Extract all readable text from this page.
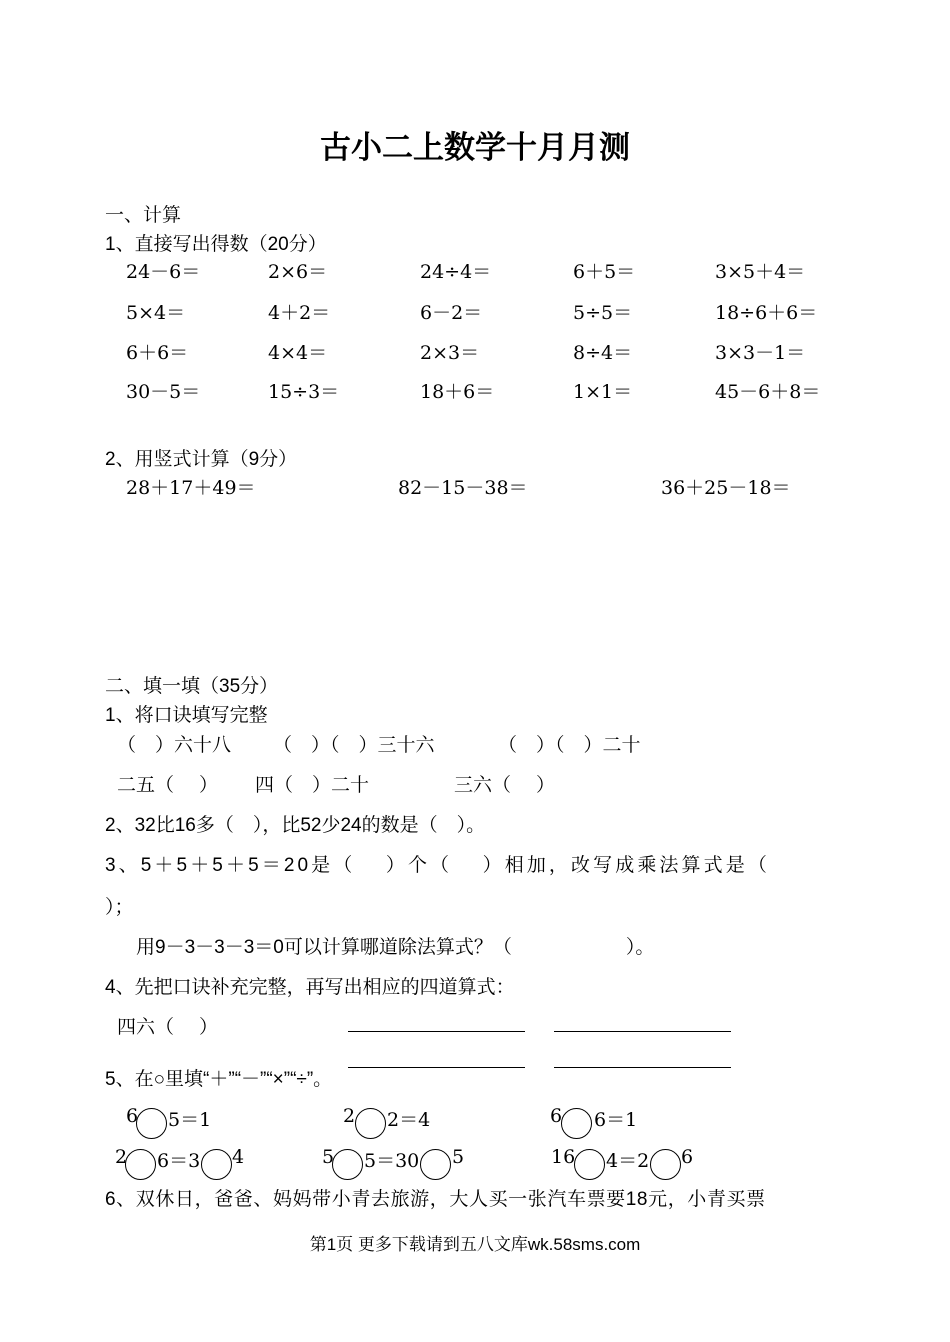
古小二上数学十月月测
一、计算
1、直接写出得数（20分）
24－6＝	2×6＝	24÷4＝	6＋5＝	3×5＋4＝
5×4＝	4＋2＝	6－2＝	5÷5＝	18÷6＋6＝
6＋6＝	4×4＝	2×3＝	8÷4＝	3×3－1＝
30－5＝	15÷3＝	18＋6＝	1×1＝	45－6＋8＝
2、用竖式计算（9分）
28＋17＋49＝	82－15－38＝	36＋25－18＝
二、填一填（35分）
1、将口诀填写完整
（　）六十八 （　）（　）三十六	（　）（　）二十
二五（　 ） 四（　）二十	三六（　 ）
2、32比16多（　），比52少24的数是（　）。
3、5＋5＋5＋5＝20是（　 ）个（　 ）相加，改写成乘法算式是（
）；
用9－3－3－3＝0可以计算哪道除法算式？（　　　　　　）。
4、先把口诀补充完整，再写出相应的四道算式：
四六（　 ）
5、在○里填“＋”“－”“×”“÷”。
6 5＝1	2 2＝4	6 6＝1
2 6＝3 4	5 5＝30 5	16 4＝2 6
6、双休日，爸爸、妈妈带小青去旅游，大人买一张汽车票要18元，小青买票
第1页 更多下载请到五八文库wk.58sms.com
